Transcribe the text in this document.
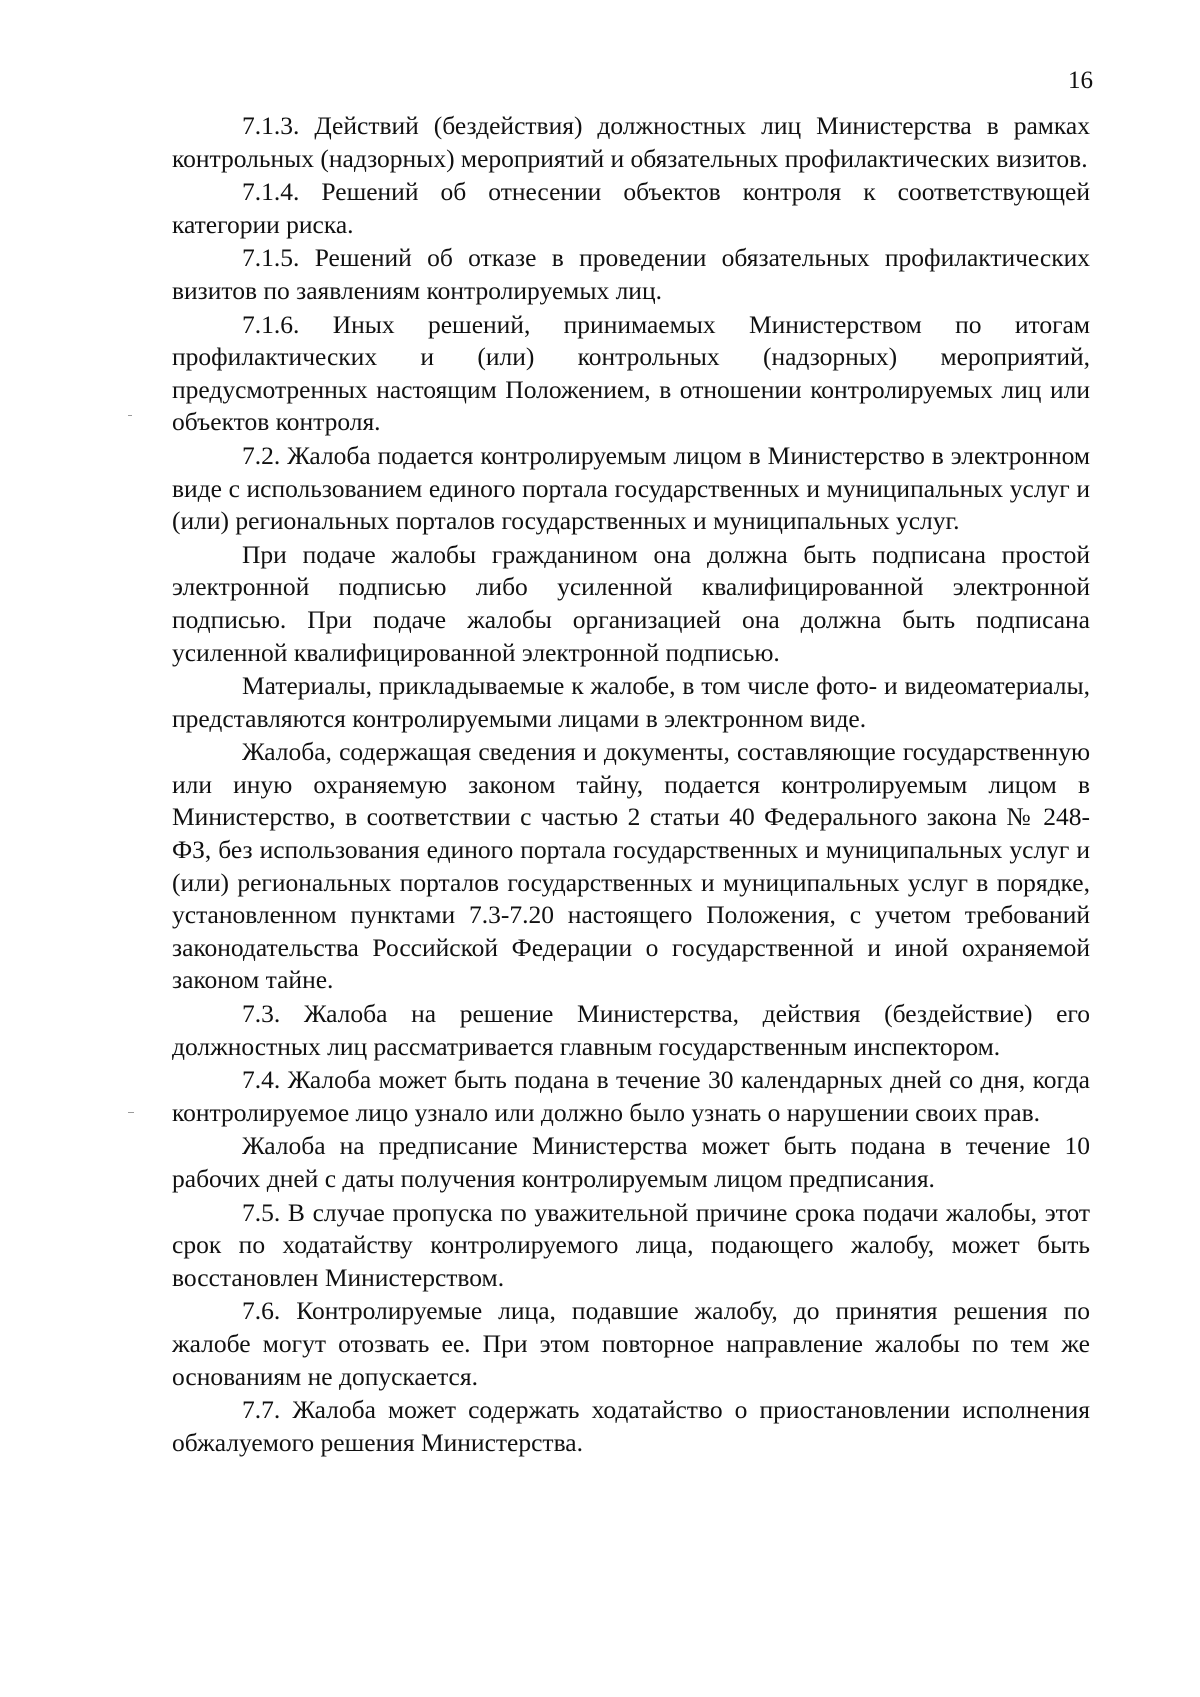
16

7.1.3. Действий (бездействия) должностных лиц Министерства в рамках контрольных (надзорных) мероприятий и обязательных профилактических визитов.

7.1.4. Решений об отнесении объектов контроля к соответствующей категории риска.

7.1.5. Решений об отказе в проведении обязательных профилактических визитов по заявлениям контролируемых лиц.

7.1.6. Иных решений, принимаемых Министерством по итогам профилактических и (или) контрольных (надзорных) мероприятий, предусмотренных настоящим Положением, в отношении контролируемых лиц или объектов контроля.

7.2. Жалоба подается контролируемым лицом в Министерство в электронном виде с использованием единого портала государственных и муниципальных услуг и (или) региональных порталов государственных и муниципальных услуг.

При подаче жалобы гражданином она должна быть подписана простой электронной подписью либо усиленной квалифицированной электронной подписью. При подаче жалобы организацией она должна быть подписана усиленной квалифицированной электронной подписью.

Материалы, прикладываемые к жалобе, в том числе фото- и видеоматериалы, представляются контролируемыми лицами в электронном виде.

Жалоба, содержащая сведения и документы, составляющие государственную или иную охраняемую законом тайну, подается контролируемым лицом в Министерство, в соответствии с частью 2 статьи 40 Федерального закона № 248-ФЗ, без использования единого портала государственных и муниципальных услуг и (или) региональных порталов государственных и муниципальных услуг в порядке, установленном пунктами 7.3-7.20 настоящего Положения, с учетом требований законодательства Российской Федерации о государственной и иной охраняемой законом тайне.

7.3. Жалоба на решение Министерства, действия (бездействие) его должностных лиц рассматривается главным государственным инспектором.

7.4. Жалоба может быть подана в течение 30 календарных дней со дня, когда контролируемое лицо узнало или должно было узнать о нарушении своих прав.

Жалоба на предписание Министерства может быть подана в течение 10 рабочих дней с даты получения контролируемым лицом предписания.

7.5. В случае пропуска по уважительной причине срока подачи жалобы, этот срок по ходатайству контролируемого лица, подающего жалобу, может быть восстановлен Министерством.

7.6. Контролируемые лица, подавшие жалобу, до принятия решения по жалобе могут отозвать ее. При этом повторное направление жалобы по тем же основаниям не допускается.

7.7. Жалоба может содержать ходатайство о приостановлении исполнения обжалуемого решения Министерства.
